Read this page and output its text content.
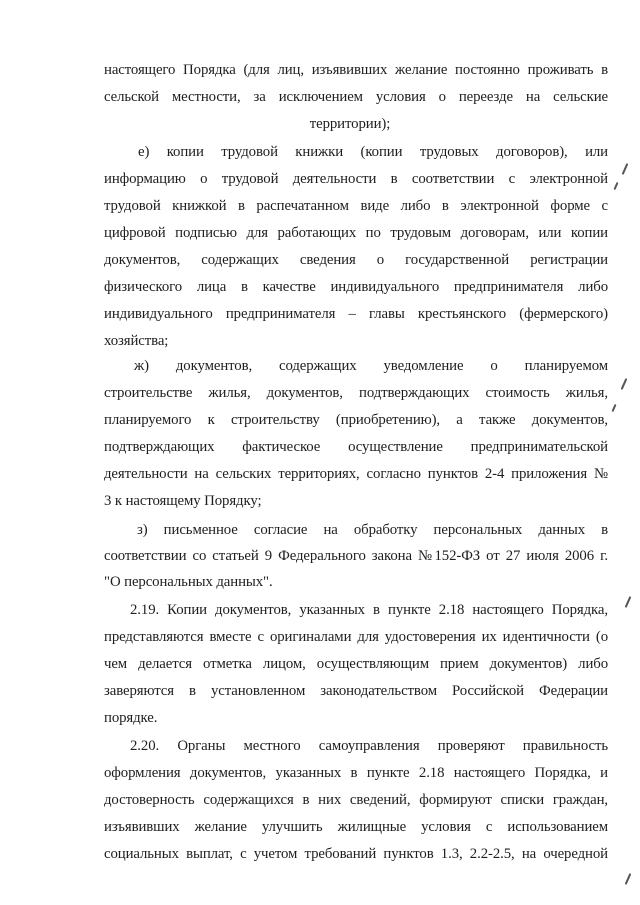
настоящего Порядка (для лиц, изъявивших желание постоянно проживать в
сельской местности, за исключением условия о переезде на сельские
территории);
е) копии трудовой книжки (копии трудовых договоров), или
информацию о трудовой деятельности в соответствии с электронной
трудовой книжкой в распечатанном виде либо в электронной форме с
цифровой подписью для работающих по трудовым договорам, или копии
документов, содержащих сведения о государственной регистрации
физического лица в качестве индивидуального предпринимателя либо
индивидуального предпринимателя – главы крестьянского (фермерского)
хозяйства;
ж) документов, содержащих уведомление о планируемом
строительстве жилья, документов, подтверждающих стоимость жилья,
планируемого к строительству (приобретению), а также документов,
подтверждающих фактическое осуществление предпринимательской
деятельности на сельских территориях, согласно пунктов 2-4 приложения №
3 к настоящему Порядку;
з) письменное согласие на обработку персональных данных в
соответствии со статьей 9 Федерального закона №152-ФЗ от 27 июля 2006 г.
"О персональных данных".
2.19. Копии документов, указанных в пункте 2.18 настоящего Порядка,
представляются вместе с оригиналами для удостоверения их идентичности (о
чем делается отметка лицом, осуществляющим прием документов) либо
заверяются в установленном законодательством Российской Федерации
порядке.
2.20. Органы местного самоуправления проверяют правильность
оформления документов, указанных в пункте 2.18 настоящего Порядка, и
достоверность содержащихся в них сведений, формируют списки граждан,
изъявивших желание улучшить жилищные условия с использованием
социальных выплат, с учетом требований пунктов 1.3, 2.2-2.5, на очередной
